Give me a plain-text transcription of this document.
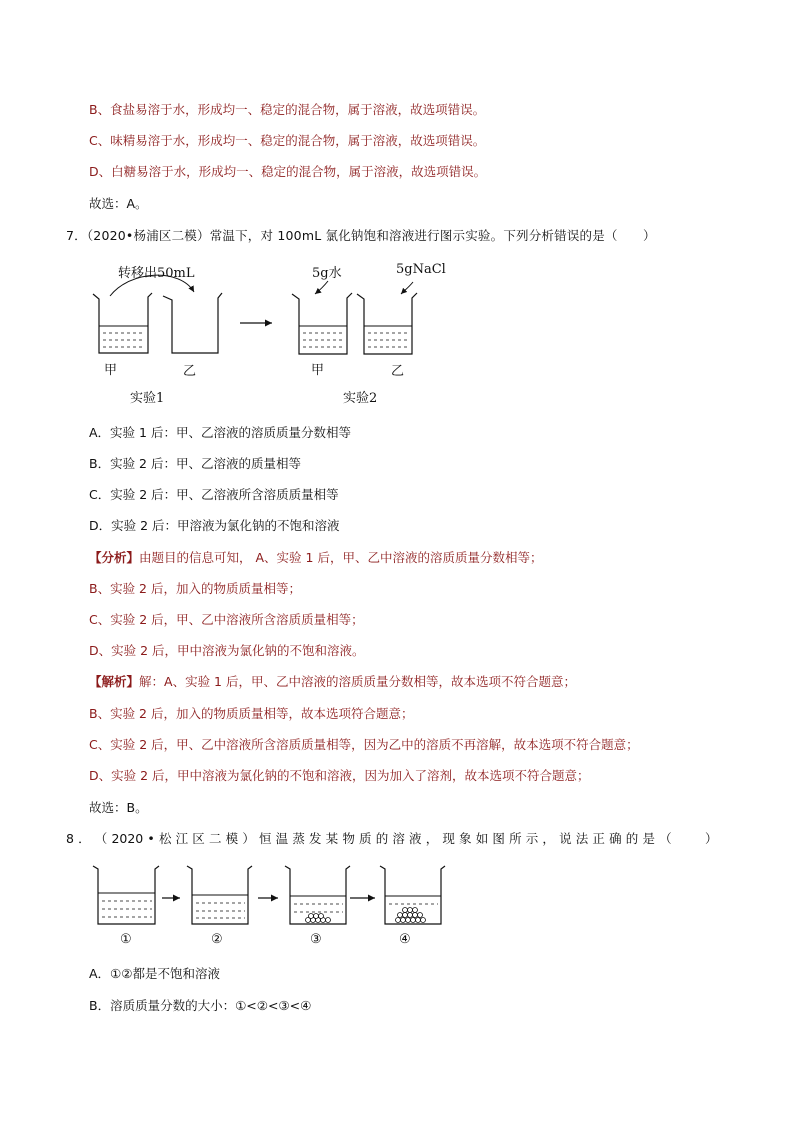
B、食盐易溶于水，形成均一、稳定的混合物，属于溶液，故选项错误。
C、味精易溶于水，形成均一、稳定的混合物，属于溶液，故选项错误。
D、白糖易溶于水，形成均一、稳定的混合物，属于溶液，故选项错误。
故选：A。
7．（2020•杨浦区二模）常温下，对 100mL 氯化钠饱和溶液进行图示实验。下列分析错误的是（　　）
转移出50mL	5g水	5gNaCl
甲	乙	甲	乙
实验1	实验2
A．实验 1 后：甲、乙溶液的溶质质量分数相等
B．实验 2 后：甲、乙溶液的质量相等
C．实验 2 后：甲、乙溶液所含溶质质量相等
D．实验 2 后：甲溶液为氯化钠的不饱和溶液
【分析】由题目的信息可知， A、实验 1 后，甲、乙中溶液的溶质质量分数相等；
B、实验 2 后，加入的物质质量相等；
C、实验 2 后，甲、乙中溶液所含溶质质量相等；
D、实验 2 后，甲中溶液为氯化钠的不饱和溶液。
【解析】解：A、实验 1 后，甲、乙中溶液的溶质质量分数相等，故本选项不符合题意；
B、实验 2 后，加入的物质质量相等，故本选项符合题意；
C、实验 2 后，甲、乙中溶液所含溶质质量相等，因为乙中的溶质不再溶解，故本选项不符合题意；
D、实验 2 后，甲中溶液为氯化钠的不饱和溶液，因为加入了溶剂，故本选项不符合题意；
故选：B。
8 ． （ 2020 • 松 江 区 二 模 ） 恒 温 蒸 发 某 物 质 的 溶 液 ， 现 象 如 图 所 示 ， 说 法 正 确 的 是 （
　　	）
①	②	③	④
A．①②都是不饱和溶液
B．溶质质量分数的大小：①<②<③<④
